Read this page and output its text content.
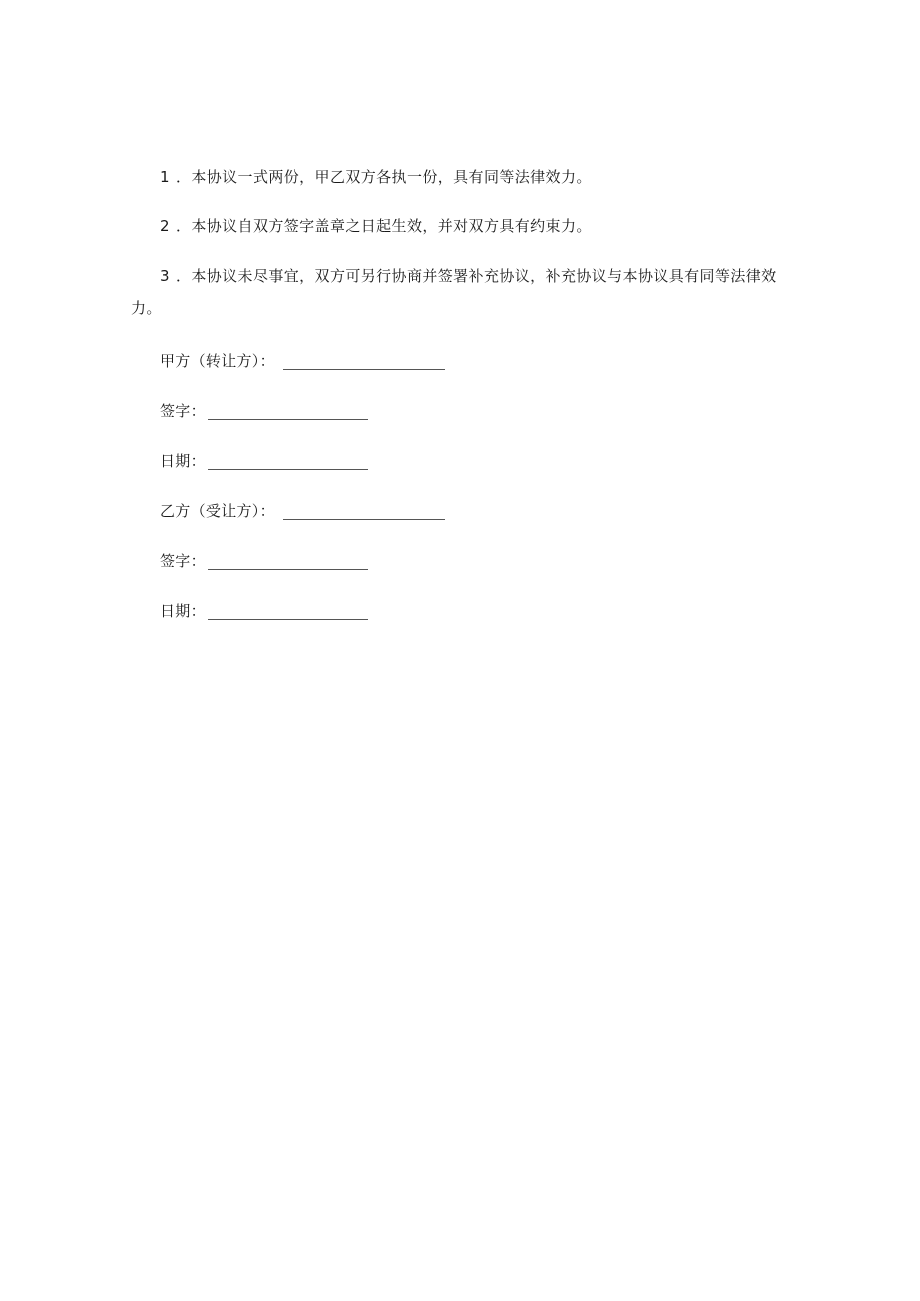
1 ．本协议一式两份，甲乙双方各执一份，具有同等法律效力。

2 ．本协议自双方签字盖章之日起生效，并对双方具有约束力。

3 ．本协议未尽事宜，双方可另行协商并签署补充协议，补充协议与本协议具有同等法律效力。

甲方（转让方）：
签字：
日期：
乙方（受让方）：
签字：
日期：
